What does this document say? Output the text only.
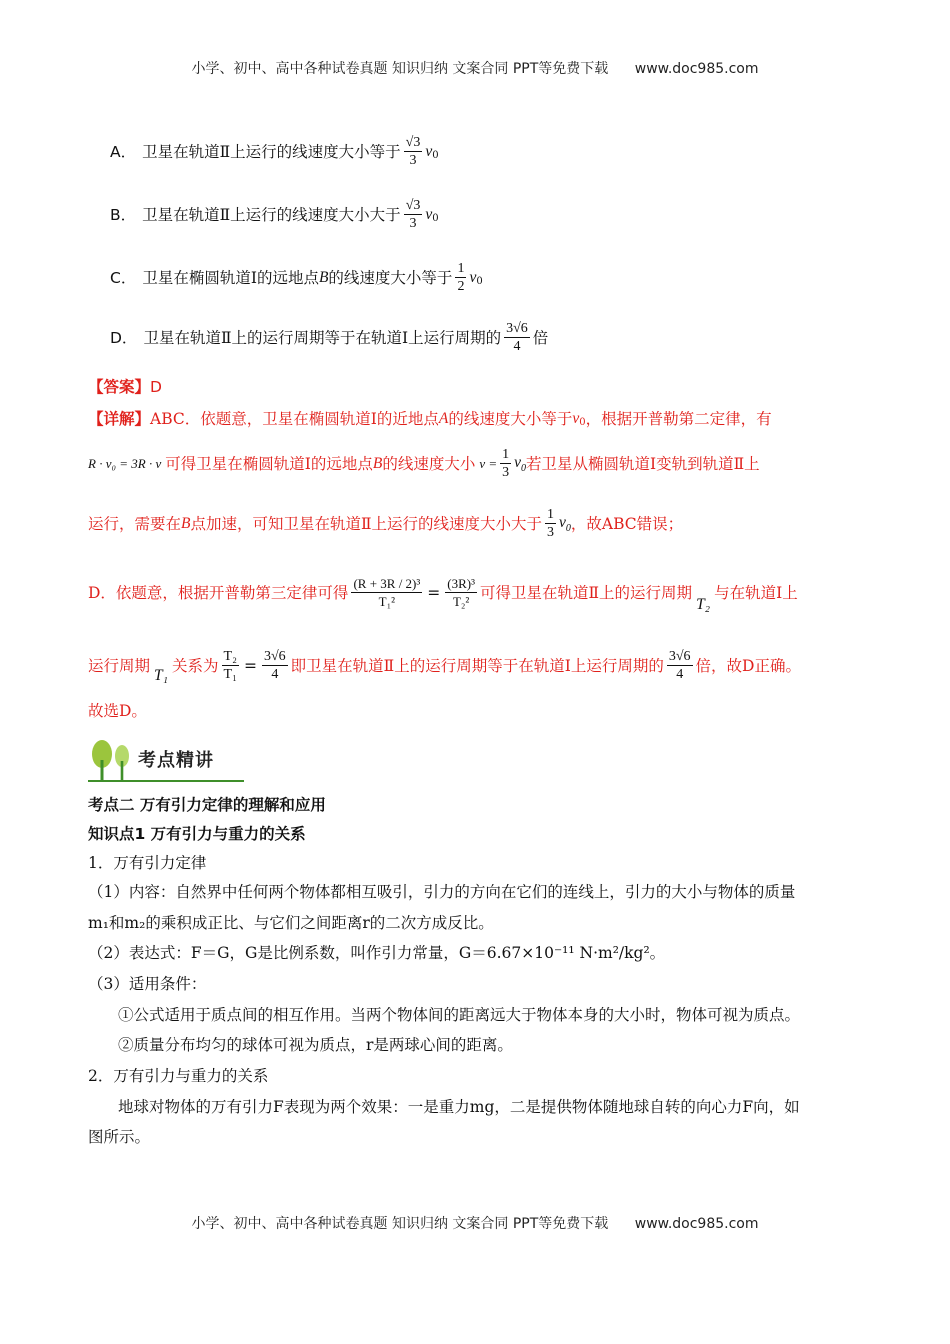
小学、初中、高中各种试卷真题 知识归纳 文案合同 PPT等免费下载 www.doc985.com
A． 卫星在轨道Ⅱ上运行的线速度大小等于 $\frac{√3}{3}$ v 0
B． 卫星在轨道Ⅱ上运行的线速度大小大于 $\frac{√3}{3}$ v 0
C． 卫星在椭圆轨道Ⅰ的远地点 B 的线速度大小等于 $\frac{1}{2}$ v 0
D． 卫星在轨道Ⅱ上的运行周期等于在轨道Ⅰ上运行周期的 $\frac{3√6}{4}$ 倍
【答案】 D
【详解】 ABC．依题意，卫星在椭圆轨道Ⅰ的近地点 A 的线速度大小等于 v 0 ，根据开普勒第二定律，有
R · v₀ = 3R · v 可得卫星在椭圆轨道Ⅰ的远地点 B 的线速度大小 $v = \frac{1}{3} v_0$ 若卫星从椭圆轨道Ⅰ变轨到轨道Ⅱ上
运行，需要在 B 点加速，可知卫星在轨道Ⅱ上运行的线速度大小大于 $\frac{1}{3} v_0$ ，故ABC错误；
D．依题意，根据开普勒第三定律可得 $\frac{\text{(R + 3R / 2)³}}{\text{T₁²}} = \frac{\text{(3R)³}}{\text{T₂²}}$ 可得卫星在轨道Ⅱ上的运行周期
T₂
与在轨道Ⅰ上
运行周期
T₁
关系为 $\frac{\text{T₂}}{\text{T₁}} = \frac{3√6}{4}$ 即卫星在轨道Ⅱ上的运行周期等于在轨道Ⅰ上运行周期的 $\frac{3√6}{4}$ 倍，故D正确。
故选D。
考点精讲
考点二 万有引力定律的理解和应用
知识点1 万有引力与重力的关系
1．万有引力定律
（1）内容：自然界中任何两个物体都相互吸引，引力的方向在它们的连线上，引力的大小与物体的质量
m₁和m₂的乘积成正比、与它们之间距离r的二次方成反比。
（2）表达式：F＝G，G是比例系数，叫作引力常量，G＝6.67×10⁻¹¹ N·m²/kg²。
（3）适用条件：
①公式适用于质点间的相互作用。当两个物体间的距离远大于物体本身的大小时，物体可视为质点。
②质量分布均匀的球体可视为质点，r是两球心间的距离。
2．万有引力与重力的关系
地球对物体的万有引力F表现为两个效果：一是重力mg，二是提供物体随地球自转的向心力F向，如
图所示。
小学、初中、高中各种试卷真题 知识归纳 文案合同 PPT等免费下载 www.doc985.com
